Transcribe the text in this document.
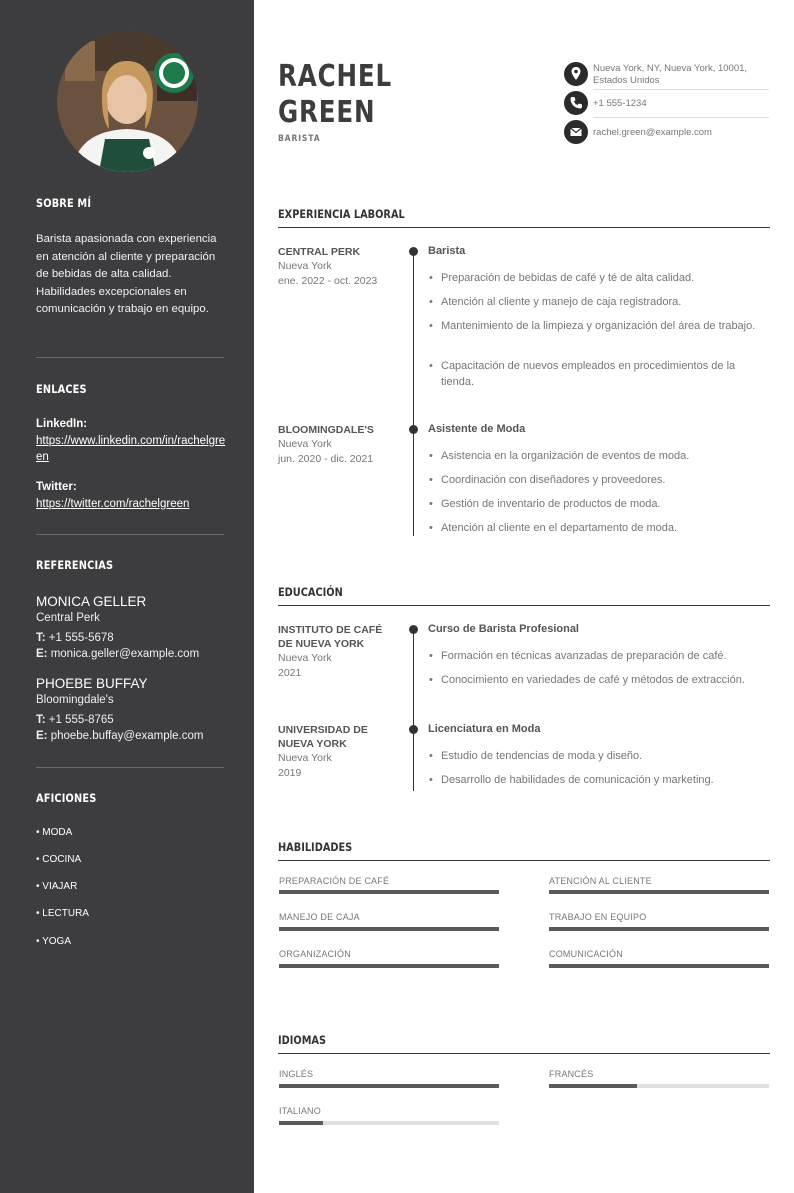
SOBRE MÍ
Barista apasionada con experiencia en atención al cliente y preparación de bebidas de alta calidad. Habilidades excepcionales en comunicación y trabajo en equipo.
ENLACES
LinkedIn:
https://www.linkedin.com/in/rachelgreen
Twitter:
https://twitter.com/rachelgreen
REFERENCIAS
MONICA GELLER
Central Perk
T: +1 555-5678
E: monica.geller@example.com
PHOEBE BUFFAY
Bloomingdale's
T: +1 555-8765
E: phoebe.buffay@example.com
AFICIONES
• MODA
• COCINA
• VIAJAR
• LECTURA
• YOGA
RACHEL
GREEN
BARISTA
Nueva York, NY, Nueva York, 10001, Estados Unidos
+1 555-1234
rachel.green@example.com
EXPERIENCIA LABORAL
CENTRAL PERK
Nueva York
ene. 2022 - oct. 2023
Barista
• Preparación de bebidas de café y té de alta calidad.
• Atención al cliente y manejo de caja registradora.
• Mantenimiento de la limpieza y organización del área de trabajo.
• Capacitación de nuevos empleados en procedimientos de la tienda.
BLOOMINGDALE'S
Nueva York
jun. 2020 - dic. 2021
Asistente de Moda
• Asistencia en la organización de eventos de moda.
• Coordinación con diseñadores y proveedores.
• Gestión de inventario de productos de moda.
• Atención al cliente en el departamento de moda.
EDUCACIÓN
INSTITUTO DE CAFÉ DE NUEVA YORK
Nueva York
2021
Curso de Barista Profesional
• Formación en técnicas avanzadas de preparación de café.
• Conocimiento en variedades de café y métodos de extracción.
UNIVERSIDAD DE NUEVA YORK
Nueva York
2019
Licenciatura en Moda
• Estudio de tendencias de moda y diseño.
• Desarrollo de habilidades de comunicación y marketing.
HABILIDADES
PREPARACIÓN DE CAFÉ	ATENCIÓN AL CLIENTE
MANEJO DE CAJA	TRABAJO EN EQUIPO
ORGANIZACIÓN	COMUNICACIÓN
IDIOMAS
INGLÉS	FRANCÉS
ITALIANO
